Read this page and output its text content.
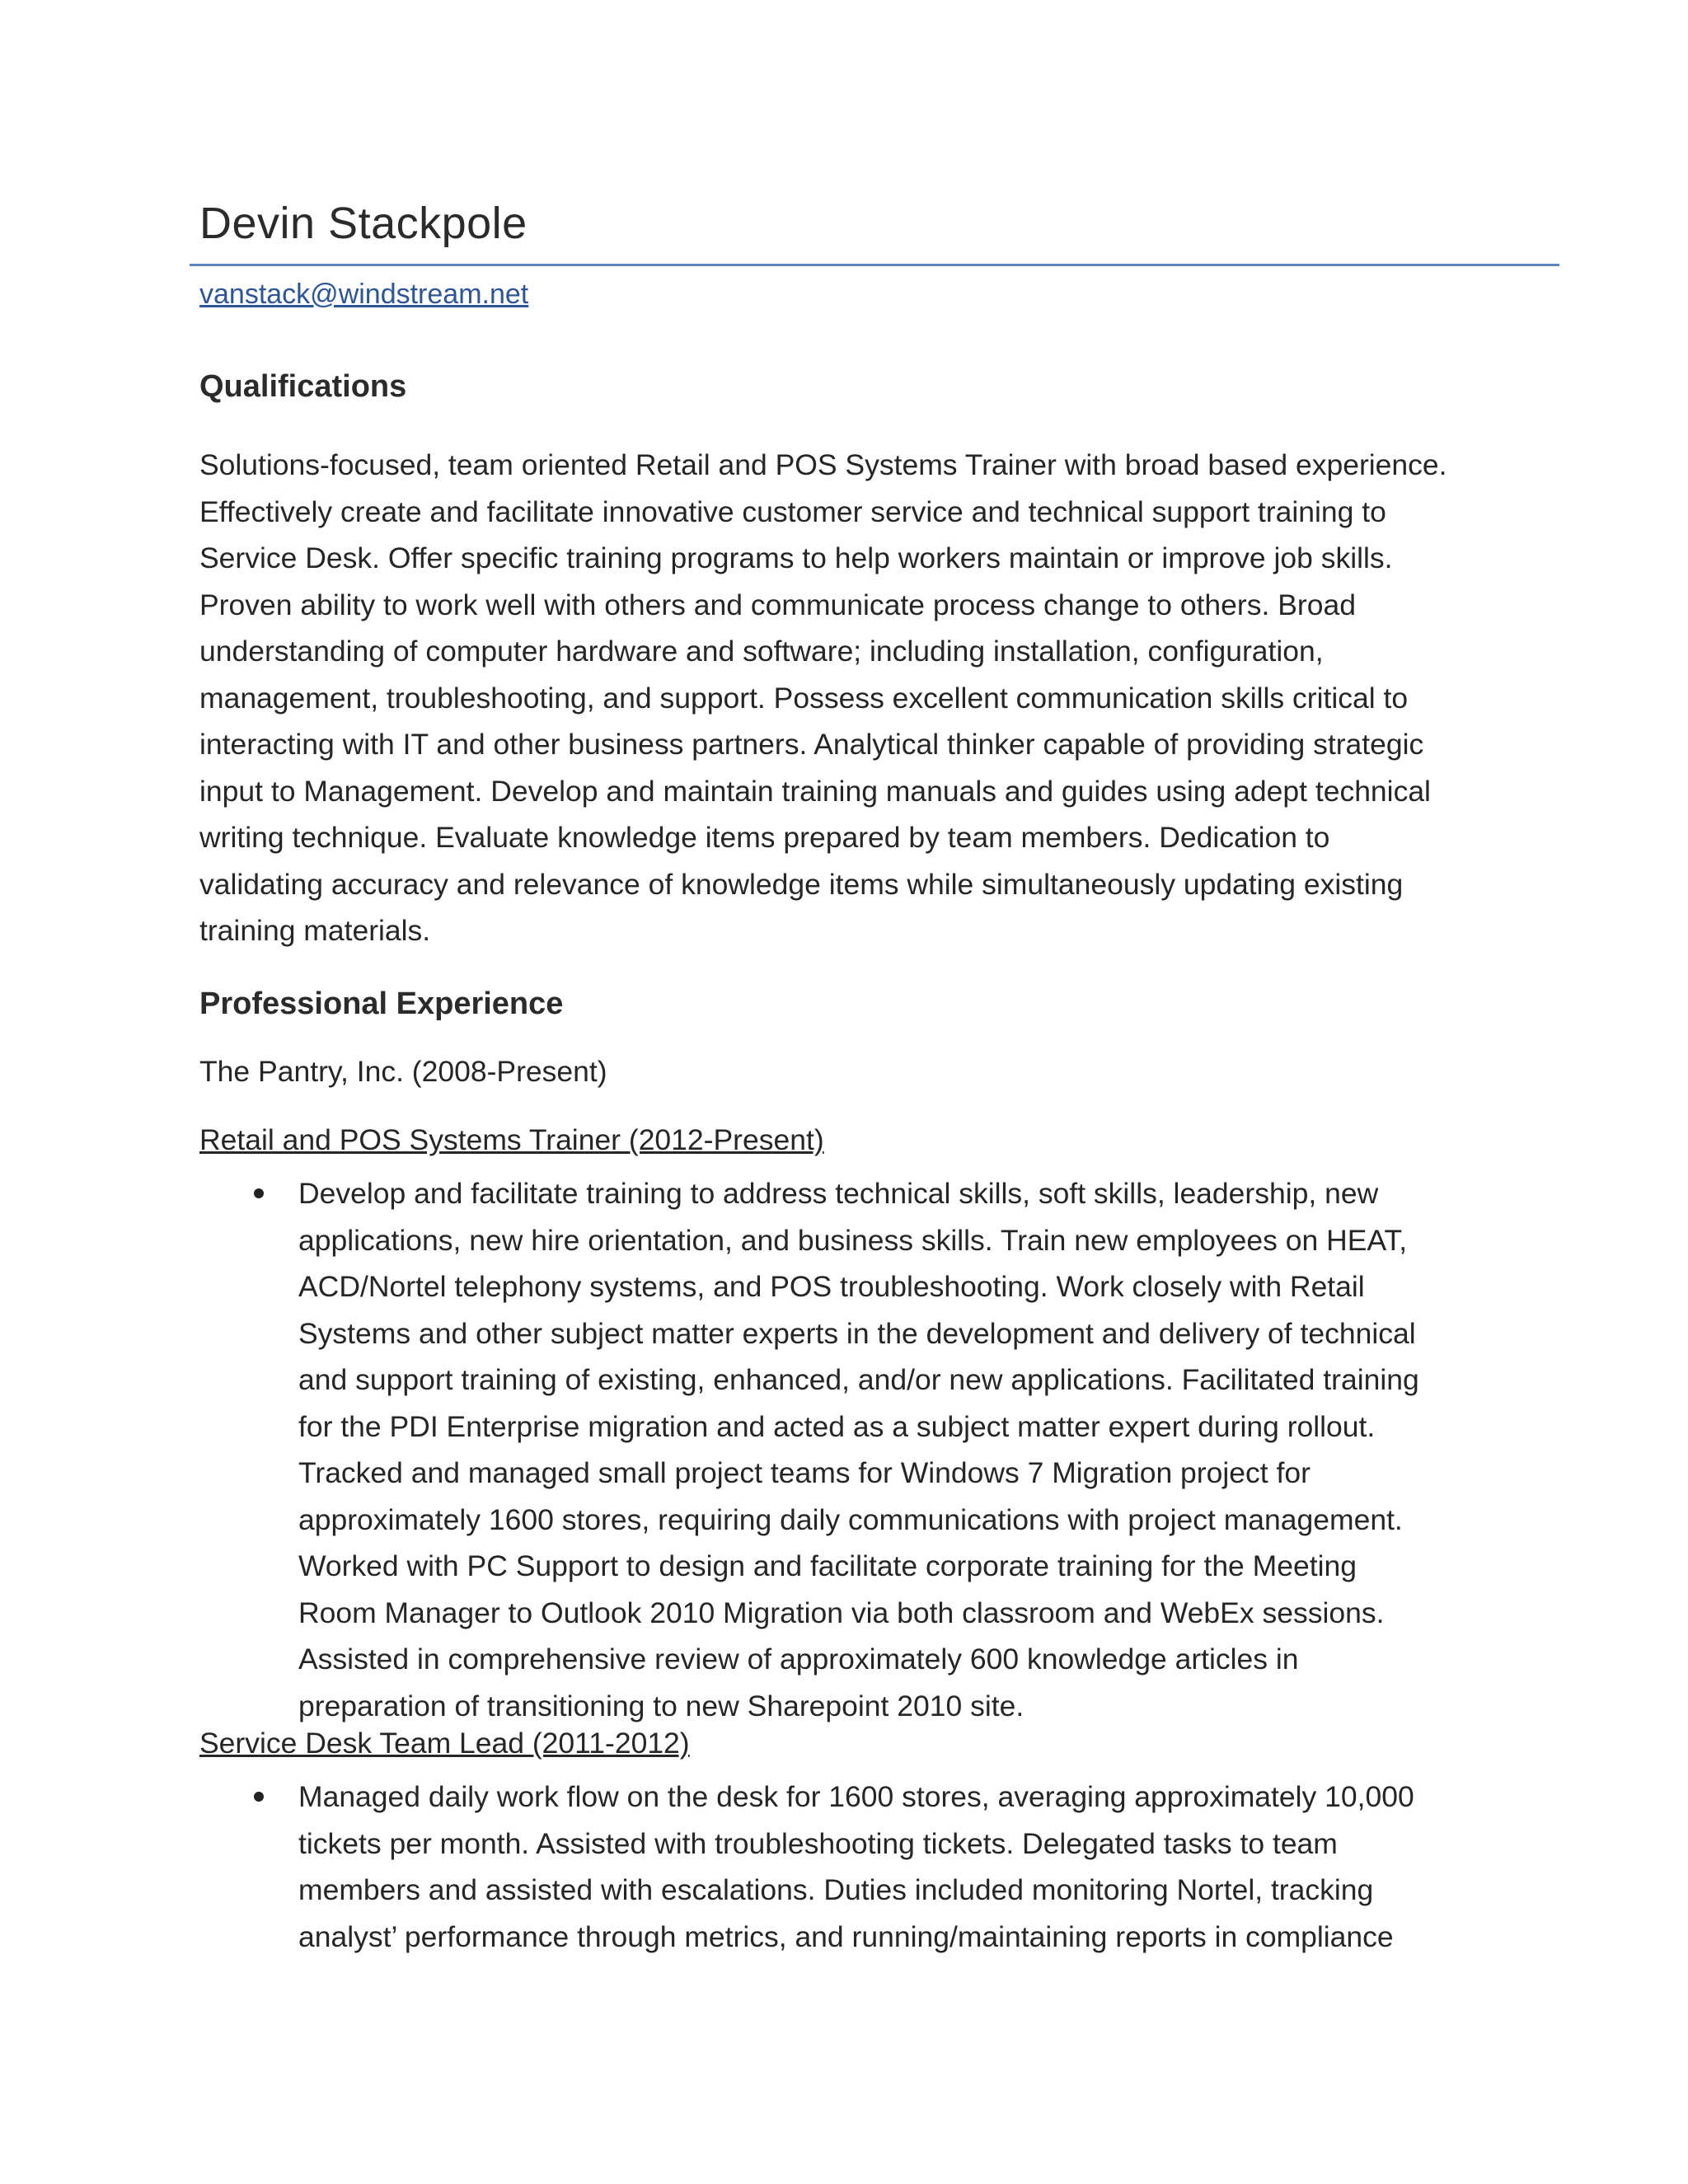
Devin Stackpole
vanstack@windstream.net
Qualifications

Solutions-focused, team oriented Retail and POS Systems Trainer with broad based experience.
Effectively create and facilitate innovative customer service and technical support training to
Service Desk. Offer specific training programs to help workers maintain or improve job skills.
Proven ability to work well with others and communicate process change to others. Broad
understanding of computer hardware and software; including installation, configuration,
management, troubleshooting, and support. Possess excellent communication skills critical to
interacting with IT and other business partners. Analytical thinker capable of providing strategic
input to Management. Develop and maintain training manuals and guides using adept technical
writing technique. Evaluate knowledge items prepared by team members. Dedication to
validating accuracy and relevance of knowledge items while simultaneously updating existing
training materials.

Professional Experience
The Pantry, Inc. (2008-Present)
Retail and POS Systems Trainer (2012-Present)
Develop and facilitate training to address technical skills, soft skills, leadership, new
applications, new hire orientation, and business skills. Train new employees on HEAT,
ACD/Nortel telephony systems, and POS troubleshooting. Work closely with Retail
Systems and other subject matter experts in the development and delivery of technical
and support training of existing, enhanced, and/or new applications. Facilitated training
for the PDI Enterprise migration and acted as a subject matter expert during rollout.
Tracked and managed small project teams for Windows 7 Migration project for
approximately 1600 stores, requiring daily communications with project management.
Worked with PC Support to design and facilitate corporate training for the Meeting
Room Manager to Outlook 2010 Migration via both classroom and WebEx sessions.
Assisted in comprehensive review of approximately 600 knowledge articles in
preparation of transitioning to new Sharepoint 2010 site.
Service Desk Team Lead (2011-2012)
Managed daily work flow on the desk for 1600 stores, averaging approximately 10,000
tickets per month. Assisted with troubleshooting tickets. Delegated tasks to team
members and assisted with escalations. Duties included monitoring Nortel, tracking
analyst’ performance through metrics, and running/maintaining reports in compliance
